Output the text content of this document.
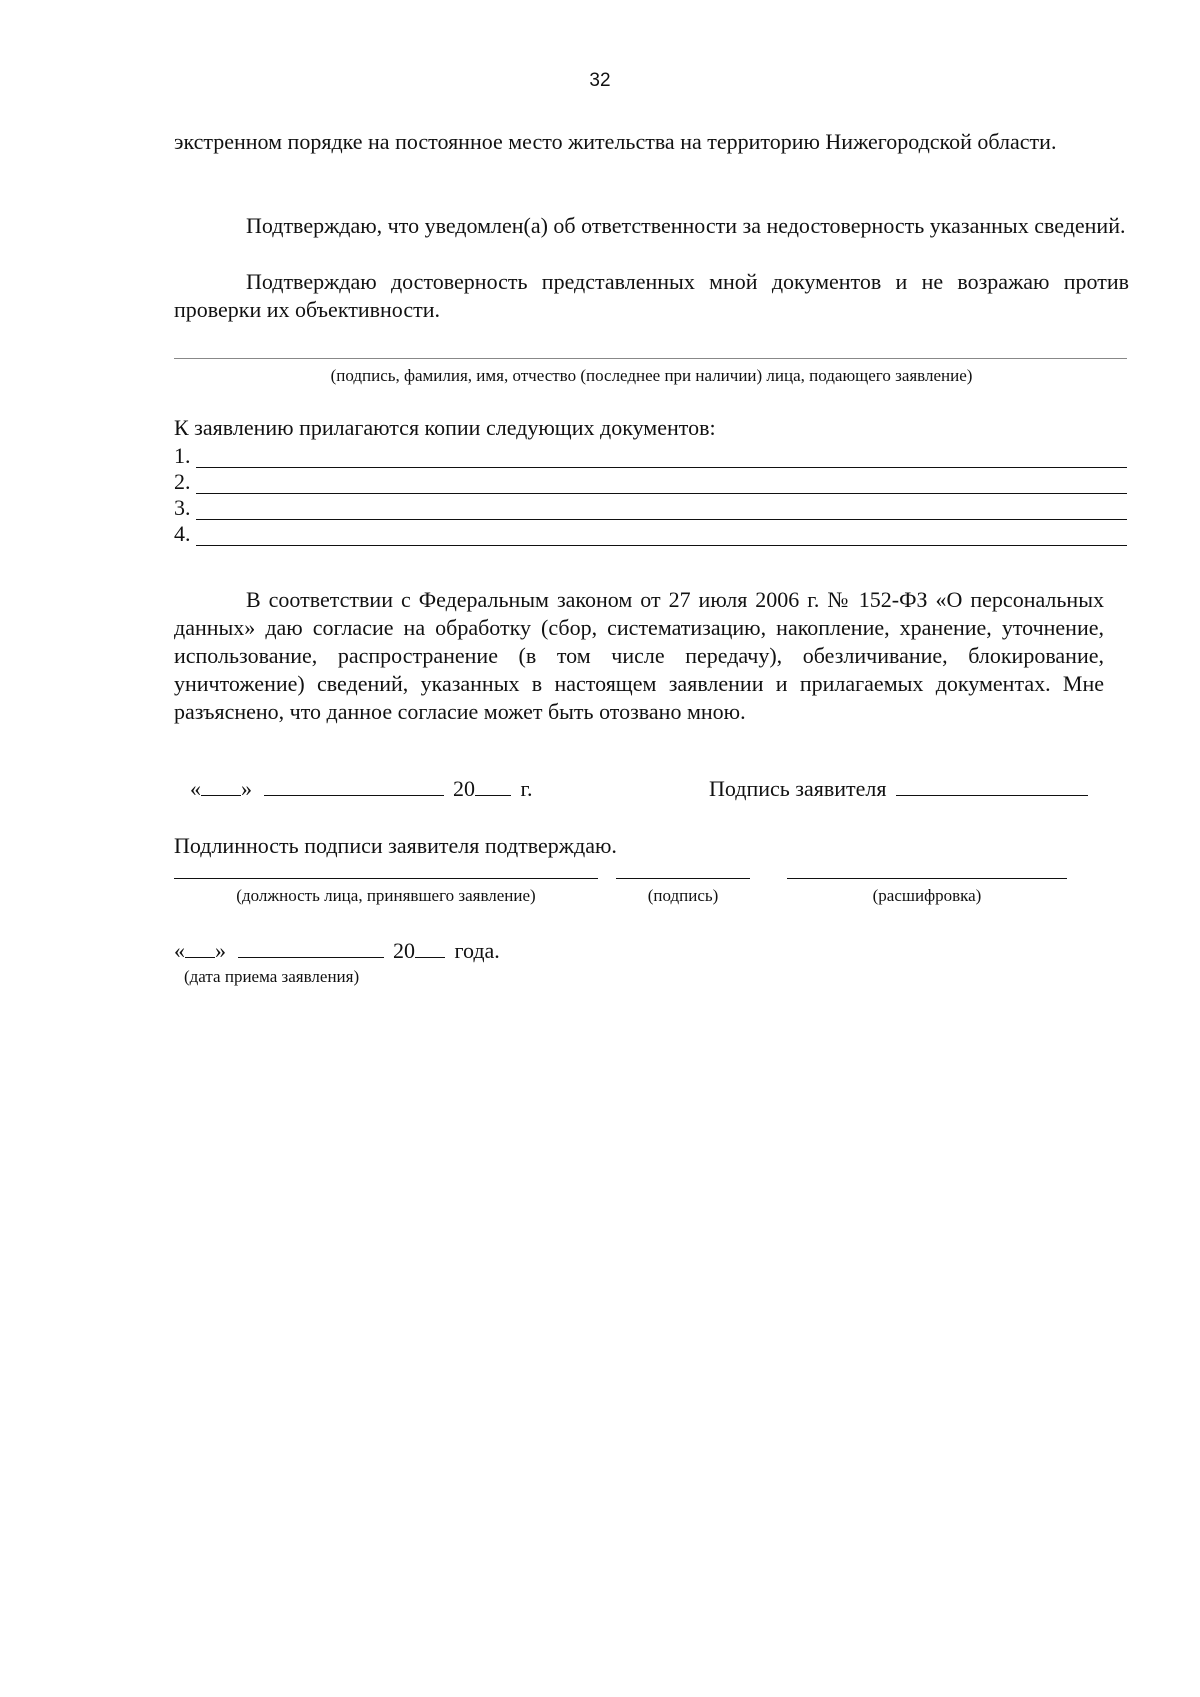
32
экстренном порядке на постоянное место жительства на территорию Нижегородской области.
Подтверждаю, что уведомлен(а) об ответственности за недостоверность указанных сведений.
Подтверждаю достоверность представленных мной документов и не возражаю против проверки их объективности.
(подпись, фамилия, имя, отчество (последнее при наличии) лица, подающего заявление)
К заявлению прилагаются копии следующих документов:
1.
2.
3.
4.
В соответствии с Федеральным законом от 27 июля 2006 г. № 152-ФЗ «О персональных данных» даю согласие на обработку (сбор, систематизацию, накопление, хранение, уточнение, использование, распространение (в том числе передачу), обезличивание, блокирование, уничтожение) сведений, указанных в настоящем заявлении и прилагаемых документах. Мне разъяснено, что данное согласие может быть отозвано мною.
« »	20 г.	Подпись заявителя
Подлинность подписи заявителя подтверждаю.
(должность лица, принявшего заявление)	(подпись)	(расшифровка)
« »	20 года.
(дата приема заявления)
